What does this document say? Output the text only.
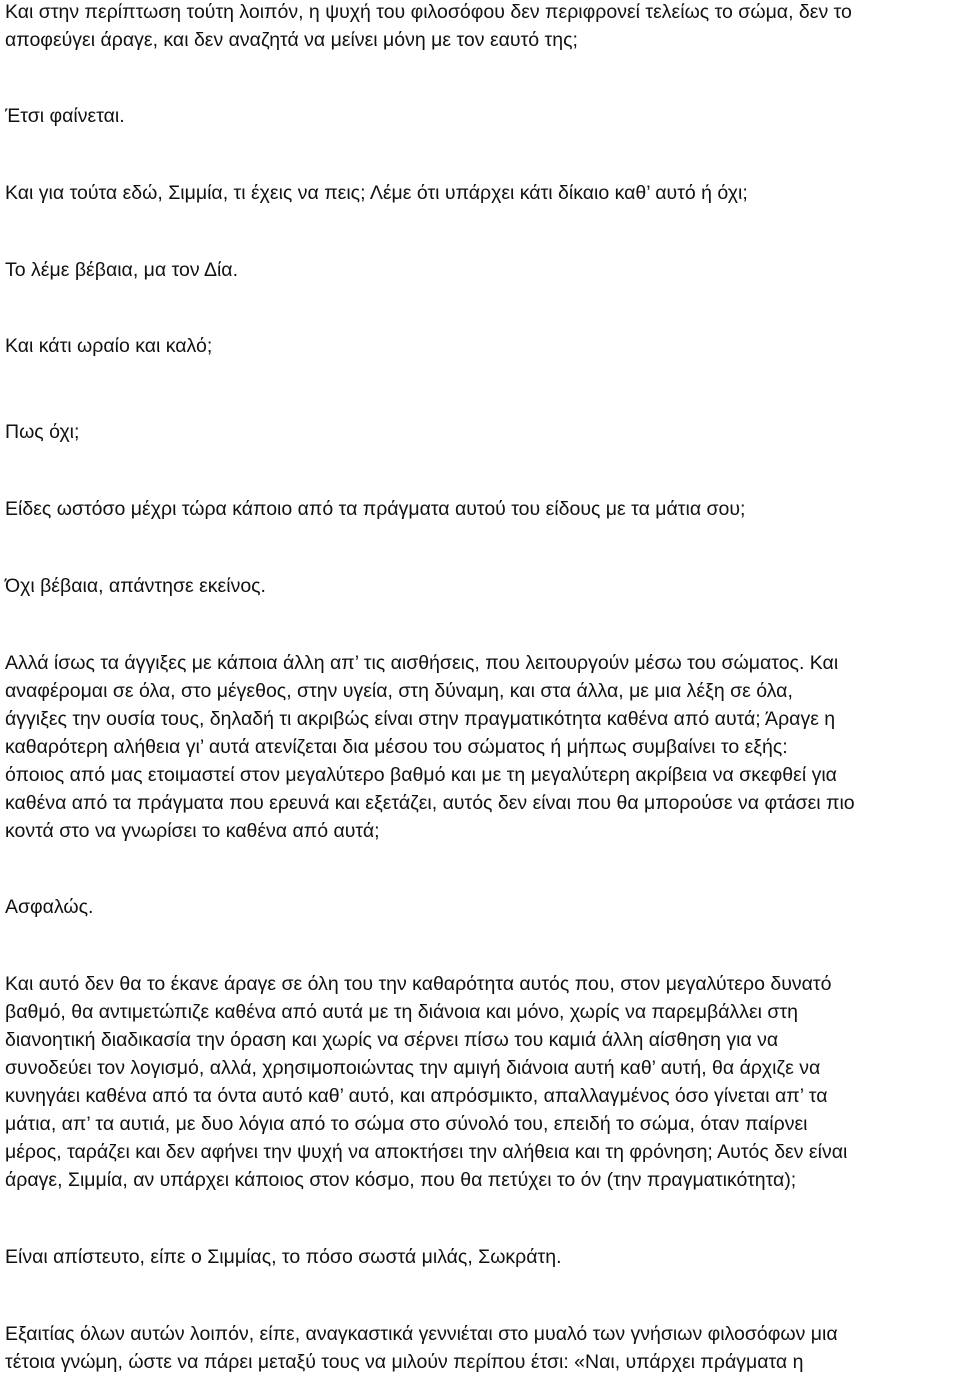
Και στην περίπτωση τούτη λοιπόν, η ψυχή του φιλοσόφου δεν περιφρονεί τελείως το σώμα, δεν το
αποφεύγει άραγε, και δεν αναζητά να μείνει μόνη με τον εαυτό της;
Έτσι φαίνεται.
Και για τούτα εδώ, Σιμμία, τι έχεις να πεις; Λέμε ότι υπάρχει κάτι δίκαιο καθ’ αυτό ή όχι;
Το λέμε βέβαια, μα τον Δία.
Και κάτι ωραίο και καλό;
Πως όχι;
Είδες ωστόσο μέχρι τώρα κάποιο από τα πράγματα αυτού του είδους με τα μάτια σου;
Όχι βέβαια, απάντησε εκείνος.
Αλλά ίσως τα άγγιξες με κάποια άλλη απ’ τις αισθήσεις, που λειτουργούν μέσω του σώματος. Και
αναφέρομαι σε όλα, στο μέγεθος, στην υγεία, στη δύναμη, και στα άλλα, με μια λέξη σε όλα,
άγγιξες την ουσία τους, δηλαδή τι ακριβώς είναι στην πραγματικότητα καθένα από αυτά; Άραγε η
καθαρότερη αλήθεια γι’ αυτά ατενίζεται δια μέσου του σώματος ή μήπως συμβαίνει το εξής:
όποιος από μας ετοιμαστεί στον μεγαλύτερο βαθμό και με τη μεγαλύτερη ακρίβεια να σκεφθεί για
καθένα από τα πράγματα που ερευνά και εξετάζει, αυτός δεν είναι που θα μπορούσε να φτάσει πιο
κοντά στο να γνωρίσει το καθένα από αυτά;
Ασφαλώς.
Και αυτό δεν θα το έκανε άραγε σε όλη του την καθαρότητα αυτός που, στον μεγαλύτερο δυνατό
βαθμό, θα αντιμετώπιζε καθένα από αυτά με τη διάνοια και μόνο, χωρίς να παρεμβάλλει στη
διανοητική διαδικασία την όραση και χωρίς να σέρνει πίσω του καμιά άλλη αίσθηση για να
συνοδεύει τον λογισμό, αλλά, χρησιμοποιώντας την αμιγή διάνοια αυτή καθ’ αυτή, θα άρχιζε να
κυνηγάει καθένα από τα όντα αυτό καθ’ αυτό, και απρόσμικτο, απαλλαγμένος όσο γίνεται απ’ τα
μάτια, απ’ τα αυτιά, με δυο λόγια από το σώμα στο σύνολό του, επειδή το σώμα, όταν παίρνει
μέρος, ταράζει και δεν αφήνει την ψυχή να αποκτήσει την αλήθεια και τη φρόνηση; Αυτός δεν είναι
άραγε, Σιμμία, αν υπάρχει κάποιος στον κόσμο, που θα πετύχει το όν (την πραγματικότητα);
Είναι απίστευτο, είπε ο Σιμμίας, το πόσο σωστά μιλάς, Σωκράτη.
Εξαιτίας όλων αυτών λοιπόν, είπε, αναγκαστικά γεννιέται στο μυαλό των γνήσιων φιλοσόφων μια
τέτοια γνώμη, ώστε να πάρει μεταξύ τους να μιλούν περίπου έτσι: «Ναι, υπάρχει πράγματα η
